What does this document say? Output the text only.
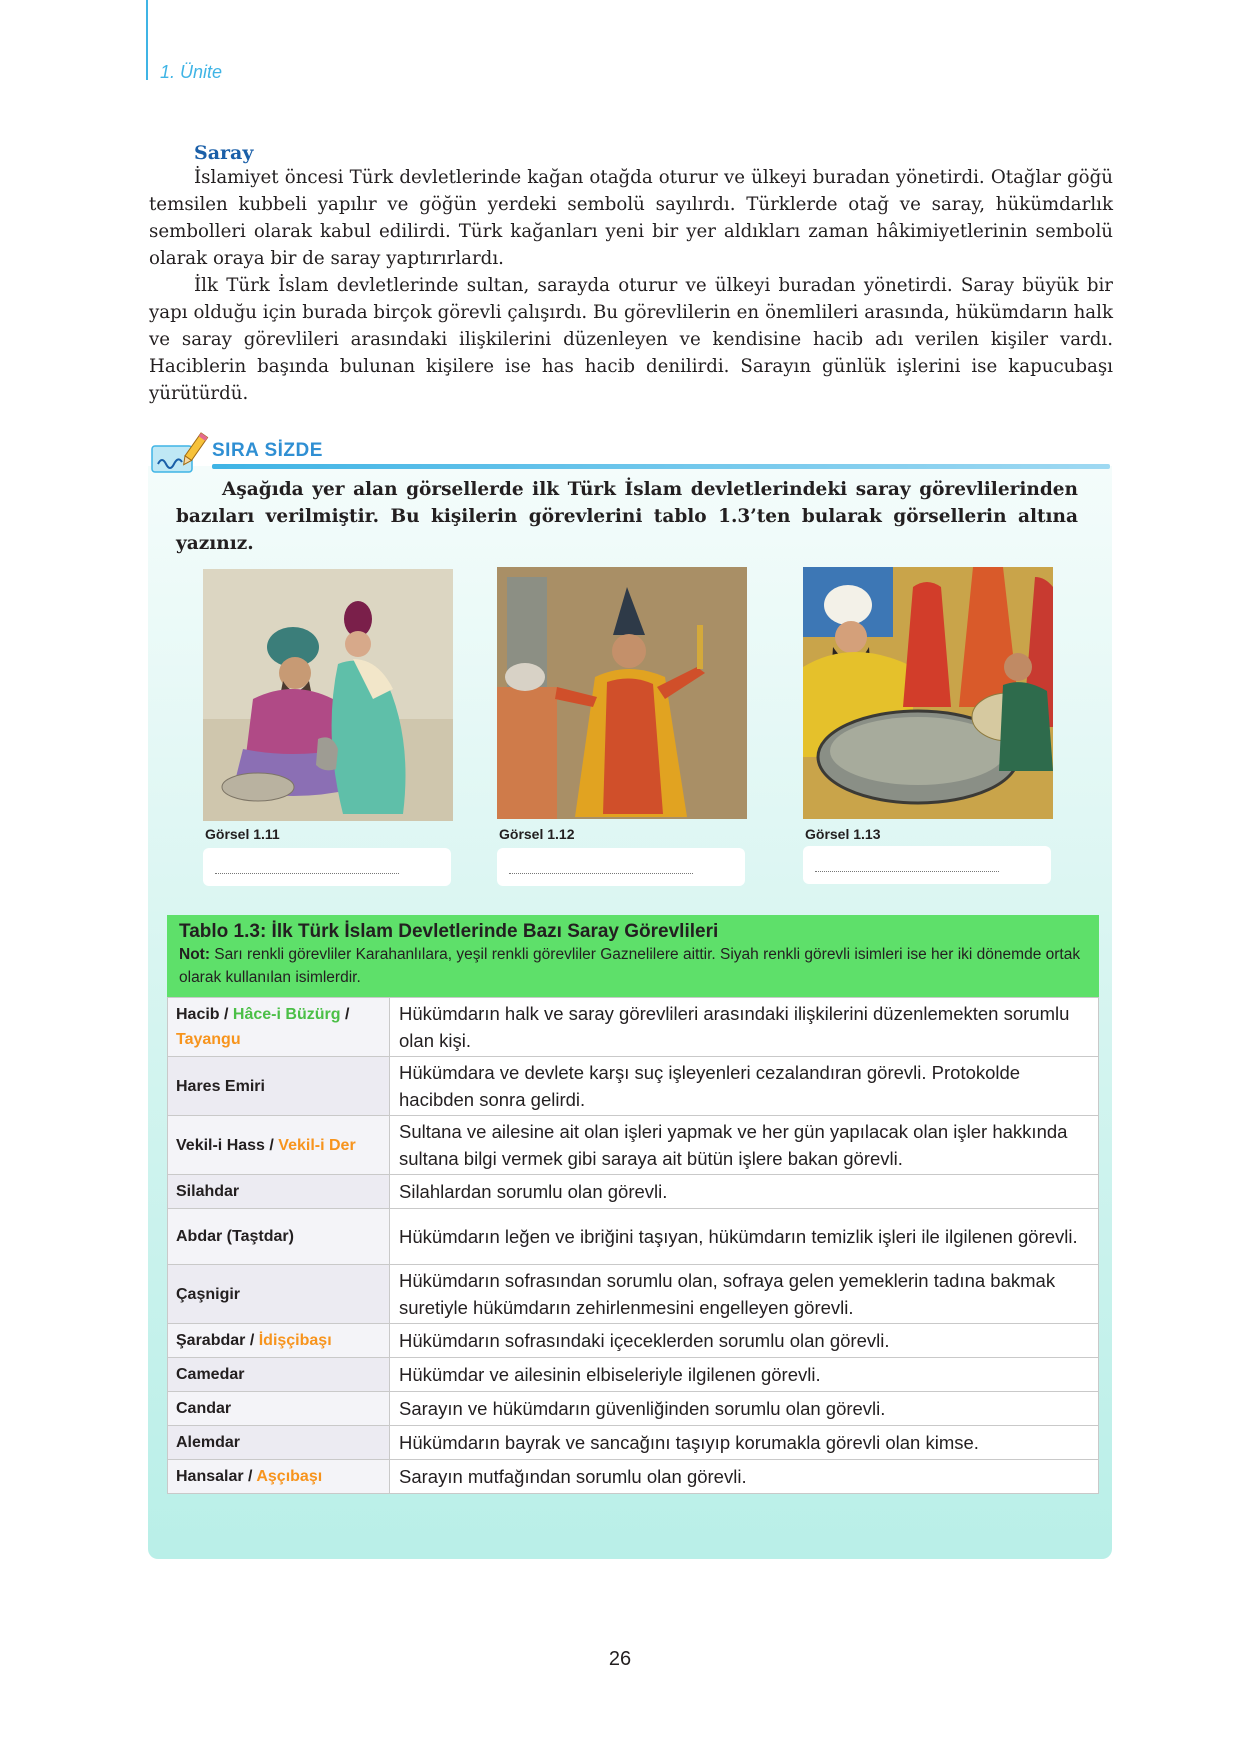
1. Ünite
Saray

İslamiyet öncesi Türk devletlerinde kağan otağda oturur ve ülkeyi buradan yönetirdi. Otağlar göğü temsilen kubbeli yapılır ve göğün yerdeki sembolü sayılırdı. Türklerde otağ ve saray, hükümdarlık sembolleri olarak kabul edilirdi. Türk kağanları yeni bir yer aldıkları zaman hâkimiyetlerinin sembolü olarak oraya bir de saray yaptırırlardı.

İlk Türk İslam devletlerinde sultan, sarayda oturur ve ülkeyi buradan yönetirdi. Saray büyük bir yapı olduğu için burada birçok görevli çalışırdı. Bu görevlilerin en önemlileri arasında, hükümdarın halk ve saray görevlileri arasındaki ilişkilerini düzenleyen ve kendisine hacib adı verilen kişiler vardı. Haciblerin başında bulunan kişilere ise has hacib denilirdi. Sarayın günlük işlerini ise kapucubaşı yürütürdü.

SIRA SİZDE
Aşağıda yer alan görsellerde ilk Türk İslam devletlerindeki saray görevlilerinden bazıları verilmiştir. Bu kişilerin görevlerini tablo 1.3’ten bularak görsellerin altına yazınız.
Görsel 1.11	Görsel 1.12	Görsel 1.13
Tablo 1.3: İlk Türk İslam Devletlerinde Bazı Saray Görevlileri
Not: Sarı renkli görevliler Karahanlılara, yeşil renkli görevliler Gaznelilere aittir. Siyah renkli görevli isimleri ise her iki dönemde ortak olarak kullanılan isimlerdir.
Hacib / Hâce-i Büzürg / Tayangu	Hükümdarın halk ve saray görevlileri arasındaki ilişkilerini düzenlemekten sorumlu olan kişi.
Hares Emiri	Hükümdara ve devlete karşı suç işleyenleri cezalandıran görevli. Protokolde hacibden sonra gelirdi.
Vekil-i Hass / Vekil-i Der	Sultana ve ailesine ait olan işleri yapmak ve her gün yapılacak olan işler hakkında sultana bilgi vermek gibi saraya ait bütün işlere bakan görevli.
Silahdar	Silahlardan sorumlu olan görevli.
Abdar (Taştdar)	Hükümdarın leğen ve ibriğini taşıyan, hükümdarın temizlik işleri ile ilgilenen görevli.
Çaşnigir	Hükümdarın sofrasından sorumlu olan, sofraya gelen yemeklerin tadına bakmak suretiyle hükümdarın zehirlenmesini engelleyen görevli.
Şarabdar / İdişçibaşı	Hükümdarın sofrasındaki içeceklerden sorumlu olan görevli.
Camedar	Hükümdar ve ailesinin elbiseleriyle ilgilenen görevli.
Candar	Sarayın ve hükümdarın güvenliğinden sorumlu olan görevli.
Alemdar	Hükümdarın bayrak ve sancağını taşıyıp korumakla görevli olan kimse.
Hansalar / Aşçıbaşı	Sarayın mutfağından sorumlu olan görevli.
26
